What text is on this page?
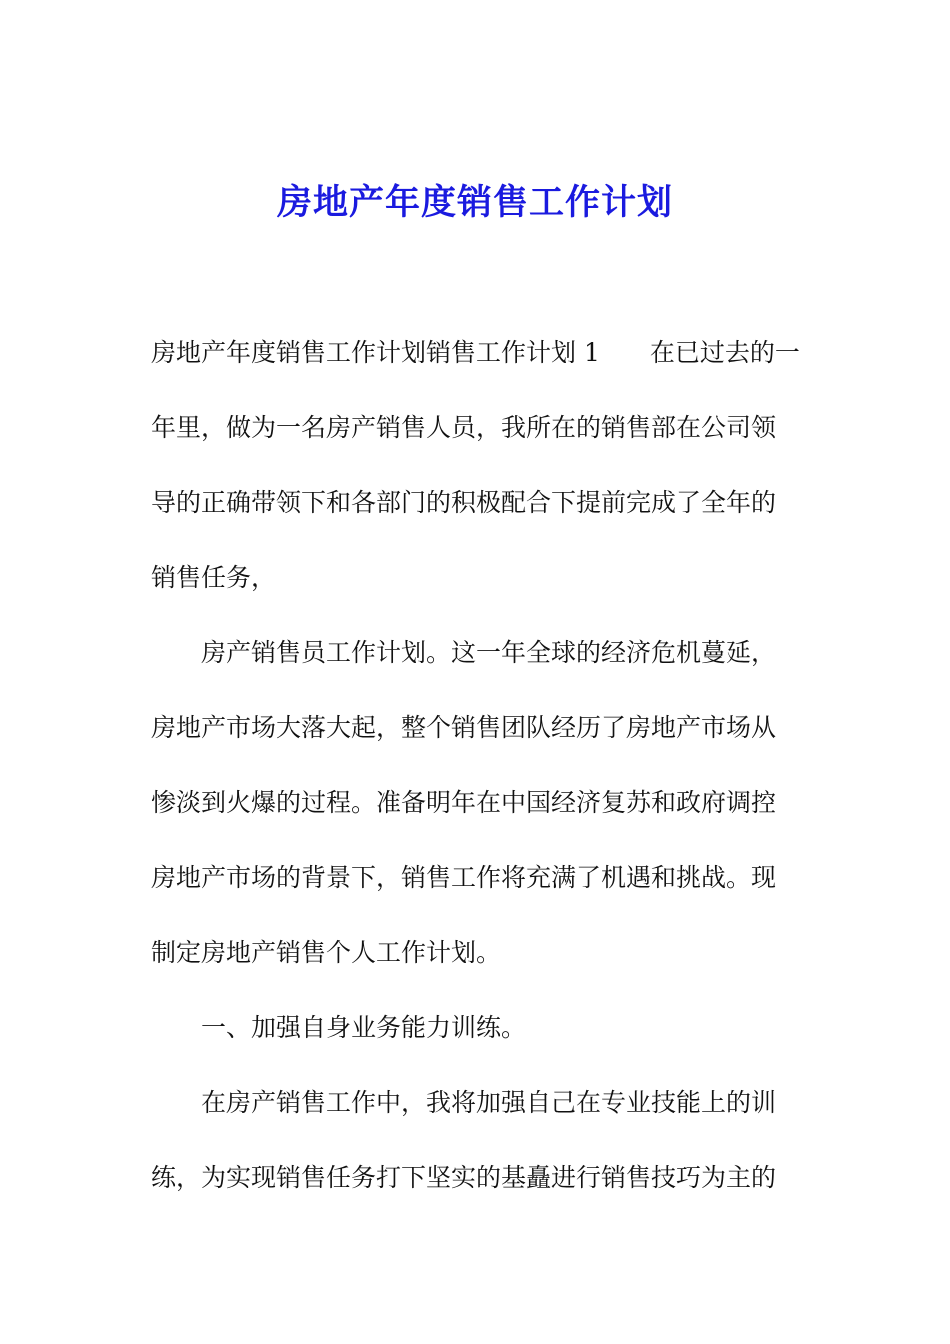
房地产年度销售工作计划
房地产年度销售工作计划销售工作计划 1　　在已过去的一
年里，做为一名房产销售人员，我所在的销售部在公司领
导的正确带领下和各部门的积极配合下提前完成了全年的
销售任务，
房产销售员工作计划。这一年全球的经济危机蔓延，
房地产市场大落大起，整个销售团队经历了房地产市场从
惨淡到火爆的过程。准备明年在中国经济复苏和政府调控
房地产市场的背景下，销售工作将充满了机遇和挑战。现
制定房地产销售个人工作计划。
一、加强自身业务能力训练。
在房产销售工作中，我将加强自己在专业技能上的训
练，为实现销售任务打下坚实的基矗进行销售技巧为主的
